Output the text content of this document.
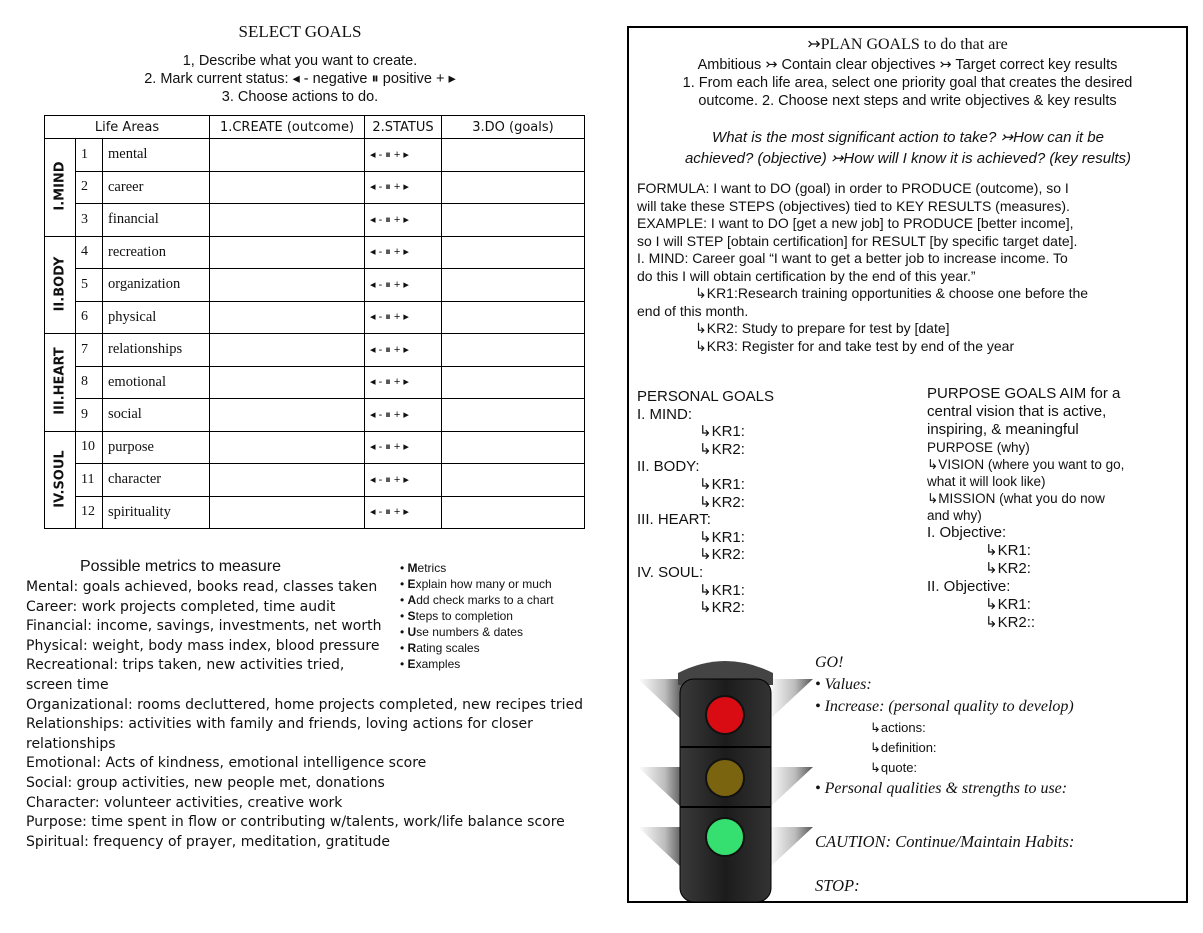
SELECT GOALS
1, Describe what you want to create.
2. Mark current status: ◂ - negative ⏸ positive + ▸
3. Choose actions to do.
Life Areas			1.CREATE (outcome)	2.STATUS	3.DO (goals)

I.MIND	1	mental		◂ - ⏸ + ▸	
	2	career		◂ - ⏸ + ▸	
	3	financial		◂ - ⏸ + ▸	

II.BODY	4	recreation		◂ - ⏸ + ▸	
	5	organization		◂ - ⏸ + ▸	
	6	physical		◂ - ⏸ + ▸	

III.HEART	7	relationships		◂ - ⏸ + ▸	
	8	emotional		◂ - ⏸ + ▸	
	9	social		◂ - ⏸ + ▸	

IV.SOUL	10	purpose		◂ - ⏸ + ▸	
	11	character		◂ - ⏸ + ▸	
	12	spirituality		◂ - ⏸ + ▸	
Possible metrics to measure
Mental: goals achieved, books read, classes taken
Career: work projects completed, time audit
Financial: income, savings, investments, net worth
Physical: weight, body mass index, blood pressure
Recreational: trips taken, new activities tried,
screen time
Organizational: rooms decluttered, home projects completed, new recipes tried
Relationships: activities with family and friends, loving actions for closer
relationships
Emotional: Acts of kindness, emotional intelligence score
Social: group activities, new people met, donations
Character: volunteer activities, creative work
Purpose: time spent in flow or contributing w/talents, work/life balance score
Spiritual: frequency of prayer, meditation, gratitude
• Metrics
• Explain how many or much
• Add check marks to a chart
• Steps to completion
• Use numbers & dates
• Rating scales
• Examples
↣PLAN GOALS to do that are
Ambitious ↣ Contain clear objectives ↣ Target correct key results
1. From each life area, select one priority goal that creates the desired
outcome. 2. Choose next steps and write objectives & key results
What is the most significant action to take? ↣How can it be
achieved? (objective) ↣How will I know it is achieved? (key results)
FORMULA: I want to DO (goal) in order to PRODUCE (outcome), so I
will take these STEPS (objectives) tied to KEY RESULTS (measures).
EXAMPLE: I want to DO [get a new job] to PRODUCE [better income],
so I will STEP [obtain certification] for RESULT [by specific target date].
I. MIND: Career goal “I want to get a better job to increase income. To
do this I will obtain certification by the end of this year.”
↳KR1:Research training opportunities & choose one before the
end of this month.
↳KR2: Study to prepare for test by [date]
↳KR3: Register for and take test by end of the year
PERSONAL GOALS
I. MIND:
↳KR1:
↳KR2:
II. BODY:
↳KR1:
↳KR2:
III. HEART:
↳KR1:
↳KR2:
IV. SOUL:
↳KR1:
↳KR2:
PURPOSE GOALS AIM for a
central vision that is active,
inspiring, & meaningful
PURPOSE (why)
↳VISION (where you want to go,
what it will look like)
↳MISSION (what you do now
and why)
I. Objective:
↳KR1:
↳KR2:
II. Objective:
↳KR1:
↳KR2::
GO!
• Values:
• Increase: (personal quality to develop)
↳actions:
↳definition:
↳quote:
• Personal qualities & strengths to use:
CAUTION: Continue/Maintain Habits:
STOP:
